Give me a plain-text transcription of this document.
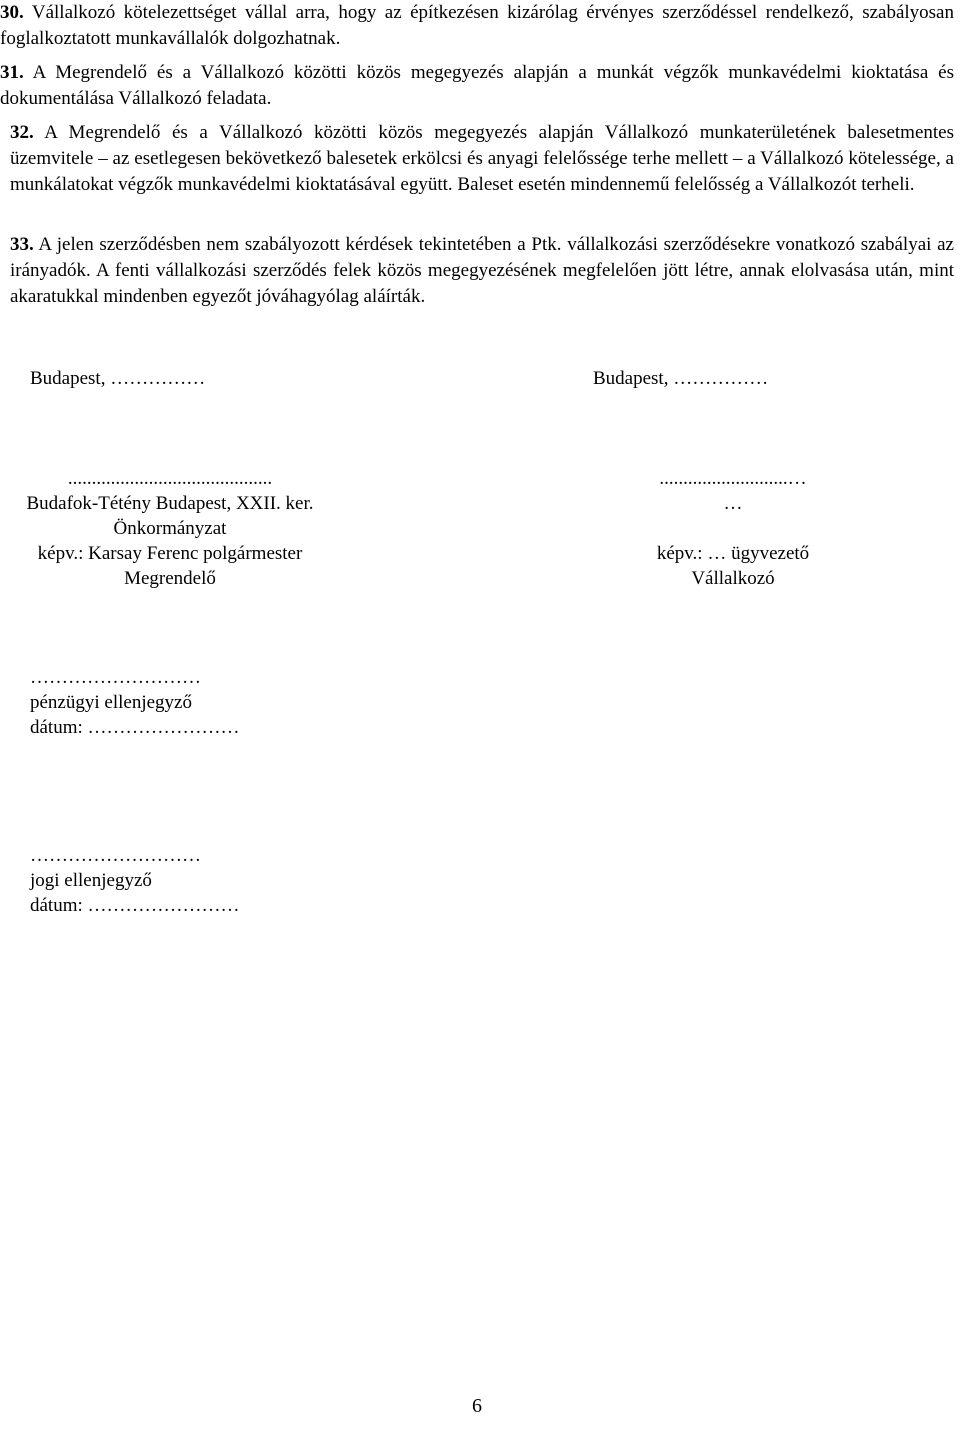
30. Vállalkozó kötelezettséget vállal arra, hogy az építkezésen kizárólag érvényes szerződéssel rendelkező, szabályosan foglalkoztatott munkavállalók dolgozhatnak.

31. A Megrendelő és a Vállalkozó közötti közös megegyezés alapján a munkát végzők munkavédelmi kioktatása és dokumentálása Vállalkozó feladata.

32. A Megrendelő és a Vállalkozó közötti közös megegyezés alapján Vállalkozó munkaterületének balesetmentes üzemvitele – az esetlegesen bekövetkező balesetek erkölcsi és anyagi felelőssége terhe mellett – a Vállalkozó kötelessége, a munkálatokat végzők munkavédelmi kioktatásával együtt. Baleset esetén mindennemű felelősség a Vállalkozót terheli.

33. A jelen szerződésben nem szabályozott kérdések tekintetében a Ptk. vállalkozási szerződésekre vonatkozó szabályai az irányadók. A fenti vállalkozási szerződés felek közös megegyezésének megfelelően jött létre, annak elolvasása után, mint akaratukkal mindenben egyezőt jóváhagyólag aláírták.

Budapest, ……………	Budapest, ……………
...........................................
Budafok-Tétény Budapest, XXII. ker.
Önkormányzat
képv.: Karsay Ferenc polgármester
Megrendelő
...........................…
…
képv.: … ügyvezető
Vállalkozó
………………………
pénzügyi ellenjegyző
dátum: ……………………
………………………
jogi ellenjegyző
dátum: ……………………
6
